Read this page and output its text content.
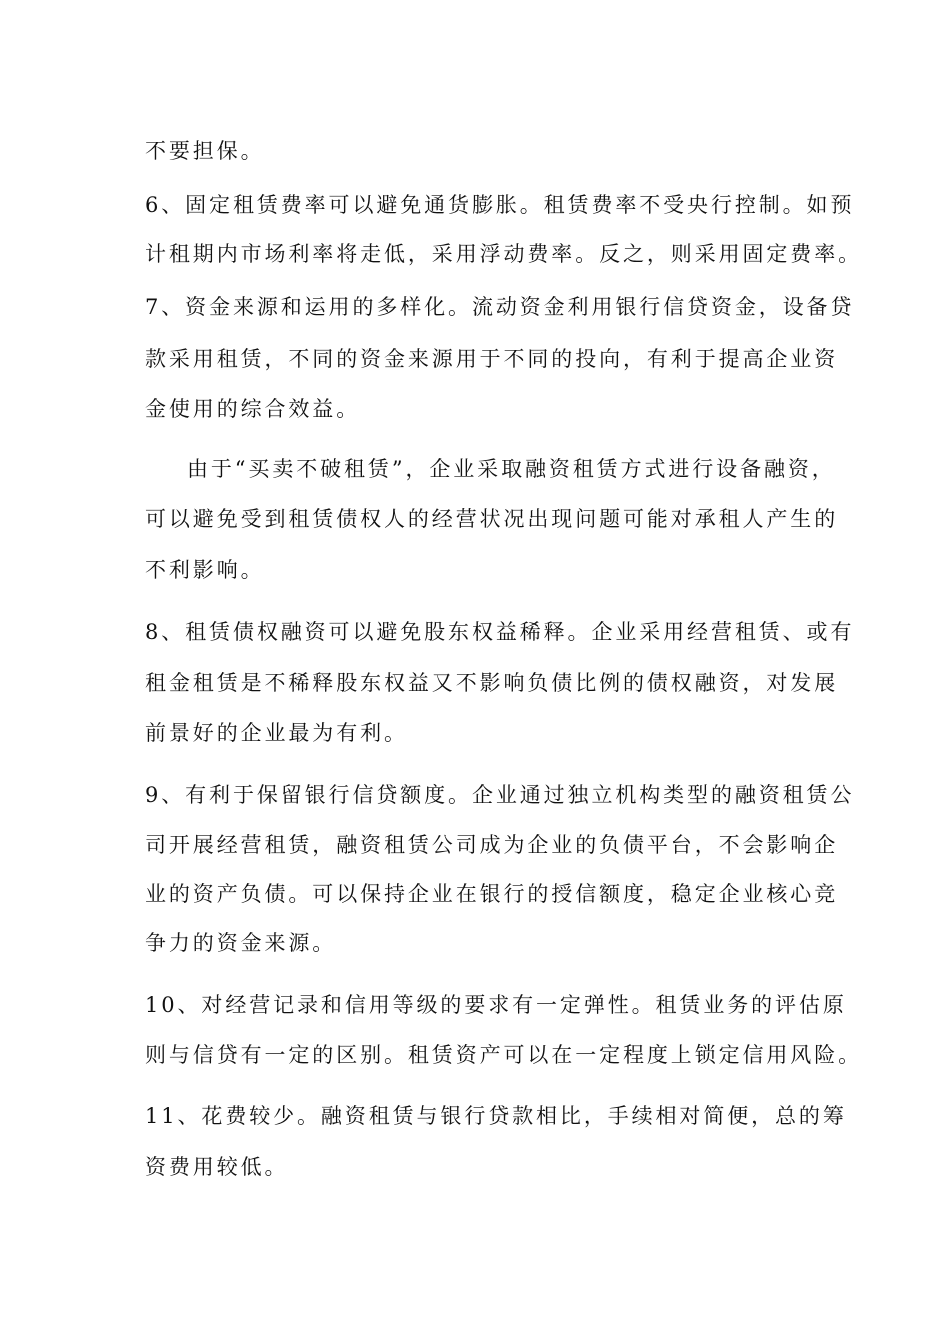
不要担保。
6、固定租赁费率可以避免通货膨胀。租赁费率不受央行控制。如预
计租期内市场利率将走低，采用浮动费率。反之，则采用固定费率。
7、资金来源和运用的多样化。流动资金利用银行信贷资金，设备贷
款采用租赁，不同的资金来源用于不同的投向，有利于提高企业资
金使用的综合效益。
由于“买卖不破租赁”，企业采取融资租赁方式进行设备融资，
可以避免受到租赁债权人的经营状况出现问题可能对承租人产生的
不利影响。
8、租赁债权融资可以避免股东权益稀释。企业采用经营租赁、或有
租金租赁是不稀释股东权益又不影响负债比例的债权融资，对发展
前景好的企业最为有利。
9、有利于保留银行信贷额度。企业通过独立机构类型的融资租赁公
司开展经营租赁，融资租赁公司成为企业的负债平台，不会影响企
业的资产负债。可以保持企业在银行的授信额度，稳定企业核心竞
争力的资金来源。
10、对经营记录和信用等级的要求有一定弹性。租赁业务的评估原
则与信贷有一定的区别。租赁资产可以在一定程度上锁定信用风险。
11、花费较少。融资租赁与银行贷款相比，手续相对简便，总的筹
资费用较低。
